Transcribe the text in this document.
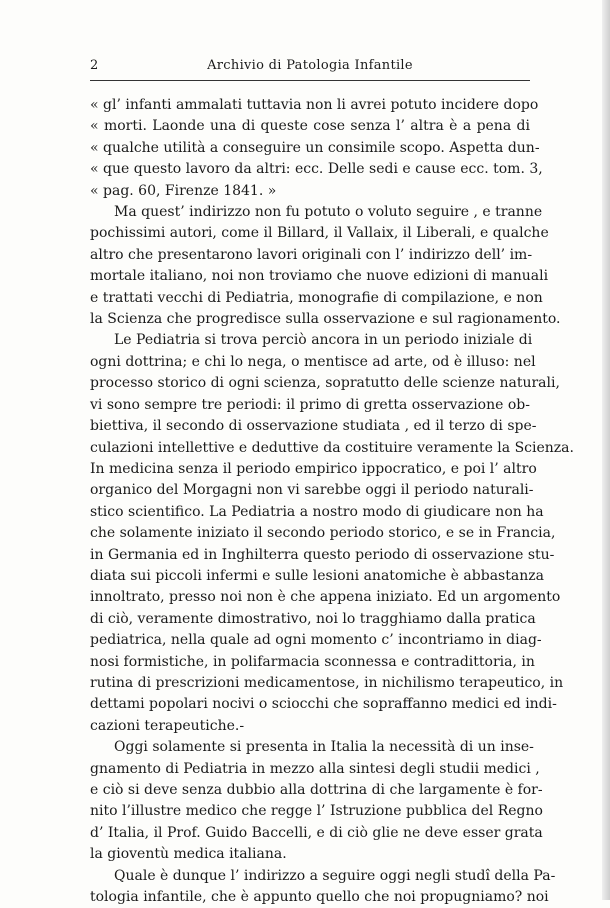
2	Archivio di Patologia Infantile
« gl’ infanti ammalati tuttavia non li avrei potuto incidere dopo
« morti. Laonde una di queste cose senza l’ altra è a pena di
« qualche utilità a conseguire un consimile scopo. Aspetta dun-
« que questo lavoro da altri: ecc. Delle sedi e cause ecc. tom. 3,
« pag. 60, Firenze 1841. »
Ma quest’ indirizzo non fu potuto o voluto seguire , e tranne
pochissimi autori, come il Billard, il Vallaix, il Liberali, e qualche
altro che presentarono lavori originali con l’ indirizzo dell’ im-
mortale italiano, noi non troviamo che nuove edizioni di manuali
e trattati vecchi di Pediatria, monografie di compilazione, e non
la Scienza che progredisce sulla osservazione e sul ragionamento.
Le Pediatria si trova perciò ancora in un periodo iniziale di
ogni dottrina; e chi lo nega, o mentisce ad arte, od è illuso: nel
processo storico di ogni scienza, sopratutto delle scienze naturali,
vi sono sempre tre periodi: il primo di gretta osservazione ob-
biettiva, il secondo di osservazione studiata , ed il terzo di spe-
culazioni intellettive e deduttive da costituire veramente la Scienza.
In medicina senza il periodo empirico ippocratico, e poi l’ altro
organico del Morgagni non vi sarebbe oggi il periodo naturali-
stico scientifico. La Pediatria a nostro modo di giudicare non ha
che solamente iniziato il secondo periodo storico, e se in Francia,
in Germania ed in Inghilterra questo periodo di osservazione stu-
diata sui piccoli infermi e sulle lesioni anatomiche è abbastanza
innoltrato, presso noi non è che appena iniziato. Ed un argomento
di ciò, veramente dimostrativo, noi lo tragghiamo dalla pratica
pediatrica, nella quale ad ogni momento c’ incontriamo in diag-
nosi formistiche, in polifarmacia sconnessa e contradittoria, in
rutina di prescrizioni medicamentose, in nichilismo terapeutico, in
dettami popolari nocivi o sciocchi che sopraffanno medici ed indi-
cazioni terapeutiche.-
Oggi solamente si presenta in Italia la necessità di un inse-
gnamento di Pediatria in mezzo alla sintesi degli studii medici ,
e ciò si deve senza dubbio alla dottrina di che largamente è for-
nito l’illustre medico che regge l’ Istruzione pubblica del Regno
d’ Italia, il Prof. Guido Baccelli, e di ciò glie ne deve esser grata
la gioventù medica italiana.
Quale è dunque l’ indirizzo a seguire oggi negli studî della Pa-
tologia infantile, che è appunto quello che noi propugniamo? noi
